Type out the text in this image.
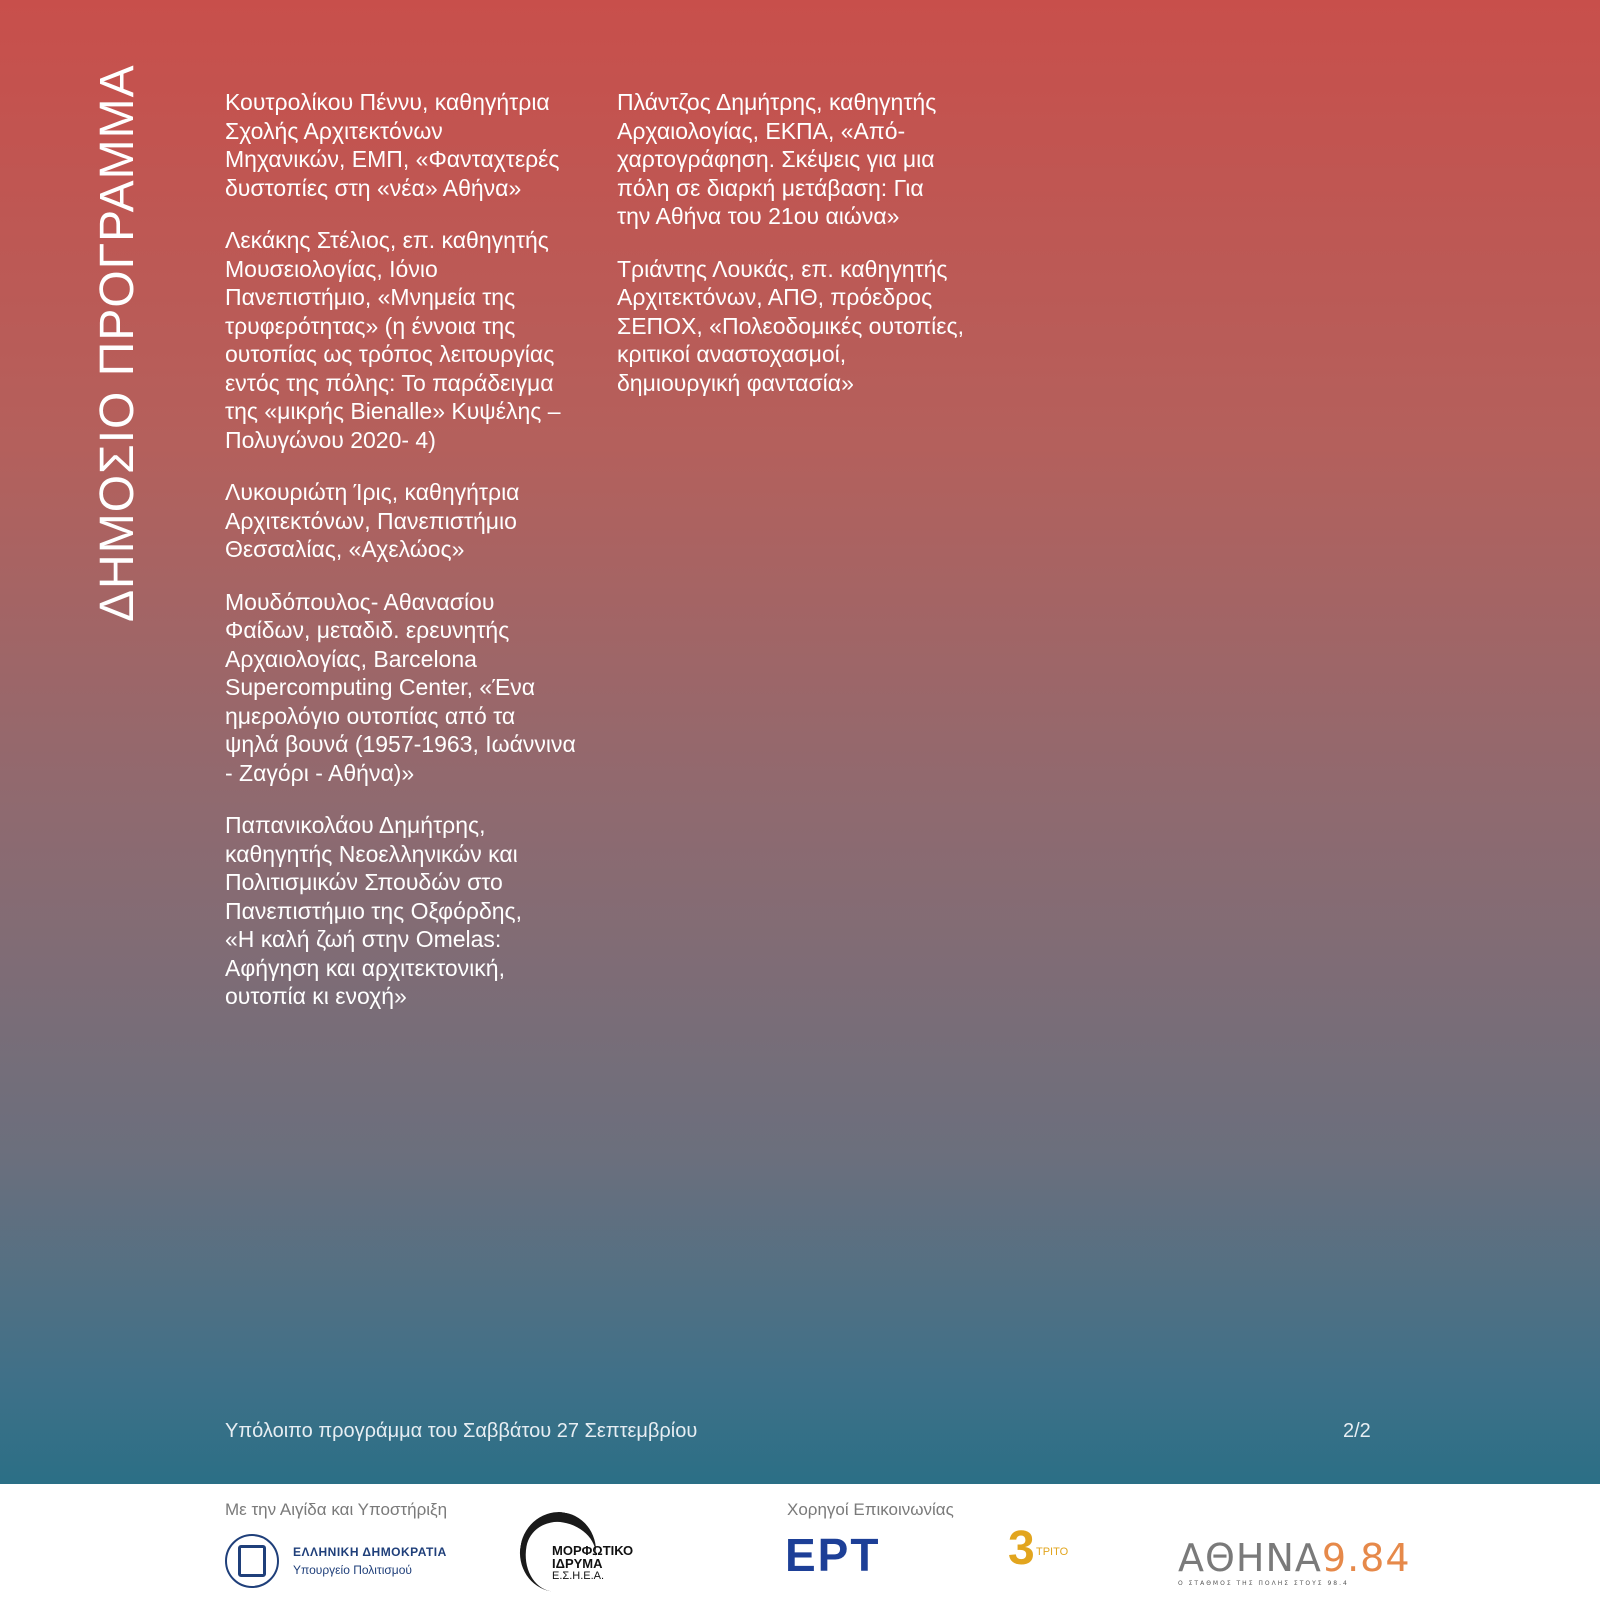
ΔΗΜΟΣΙΟ ΠΡΟΓΡΑΜΜΑ	Κουτρολίκου Πέννυ, καθηγήτρια
Σχολής Αρχιτεκτόνων
Μηχανικών, ΕΜΠ, «Φανταχτερές
δυστοπίες στη «νέα» Αθήνα»

Λεκάκης Στέλιος, επ. καθηγητής
Μουσειολογίας, Ιόνιο
Πανεπιστήμιο, «Μνημεία της
τρυφερότητας» (η έννοια της
ουτοπίας ως τρόπος λειτουργίας
εντός της πόλης: Το παράδειγμα
της «μικρής Bienalle» Κυψέλης –
Πολυγώνου 2020- 4)

Λυκουριώτη Ίρις, καθηγήτρια
Αρχιτεκτόνων, Πανεπιστήμιο
Θεσσαλίας, «Αχελώος»

Μουδόπουλος- Αθανασίου
Φαίδων, μεταδιδ. ερευνητής
Αρχαιολογίας, Barcelona
Supercomputing Center, «Ένα
ημερολόγιο ουτοπίας από τα
ψηλά βουνά (1957-1963, Ιωάννινα
- Ζαγόρι - Αθήνα)»

Παπανικολάου Δημήτρης,
καθηγητής Νεοελληνικών και
Πολιτισμικών Σπουδών στο
Πανεπιστήμιο της Οξφόρδης,
«Η καλή ζωή στην Omelas:
Αφήγηση και αρχιτεκτονική,
ουτοπία κι ενοχή»

Πλάντζος Δημήτρης, καθηγητής
Αρχαιολογίας, ΕΚΠΑ, «Από-
χαρτογράφηση. Σκέψεις για μια
πόλη σε διαρκή μετάβαση: Για
την Αθήνα του 21ου αιώνα»

Τριάντης Λουκάς, επ. καθηγητής
Αρχιτεκτόνων, ΑΠΘ, πρόεδρος
ΣΕΠΟΧ, «Πολεοδομικές ουτοπίες,
κριτικοί αναστοχασμοί,
δημιουργική φαντασία»

Υπόλοιπο προγράμμα του Σαββάτου 27 Σεπτεμβρίου	2/2
Με την Αιγίδα και Υποστήριξη	Χορηγοί Επικοινωνίας
ΕΛΛΗΝΙΚΗ ΔΗΜΟΚΡΑΤΙΑ
Υπουργείο Πολιτισμού
ΜΟΡΦΩΤΙΚΟ
ΙΔΡΥΜΑ
Ε.Σ.Η.Ε.Α.	ΕΡΤ	3 ΤΡΙΤΟ	ΑΘΗΝΑ9.84
Ο ΣΤΑΘΜΟΣ ΤΗΣ ΠΟΛΗΣ ΣΤΟΥΣ 98.4
